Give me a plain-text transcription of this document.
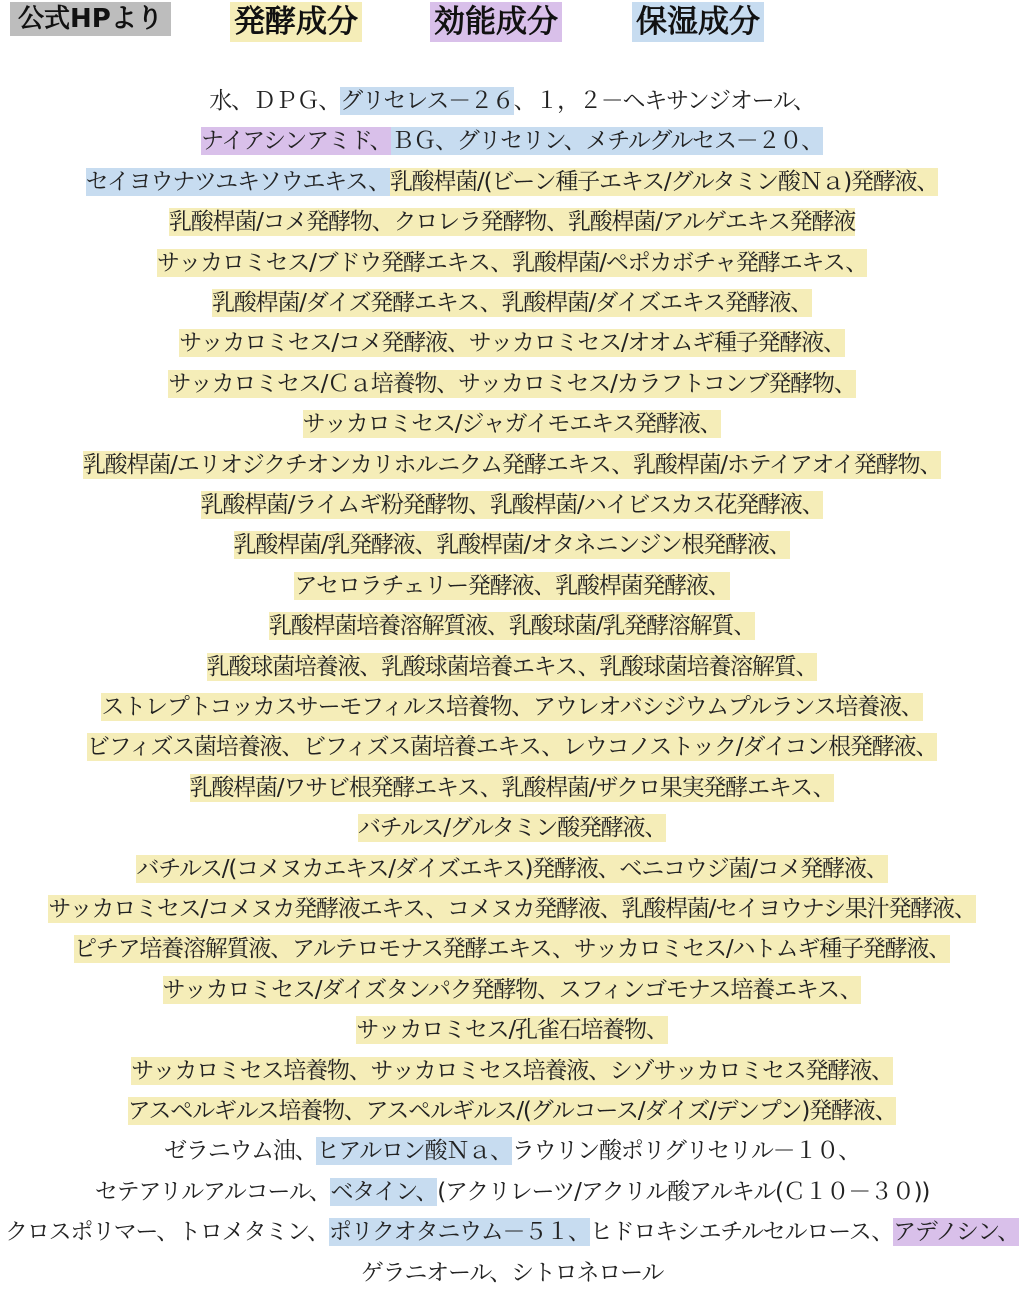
公式HPより 発酵成分 効能成分	保湿成分
水、ＤＰＧ、グリセレス－２６、１，２－ヘキサンジオール、
ナイアシンアミド、ＢＧ、グリセリン、メチルグルセス－２０、
セイヨウナツユキソウエキス、乳酸桿菌/(ビーン種子エキス/グルタミン酸Ｎａ)発酵液、
乳酸桿菌/コメ発酵物、クロレラ発酵物、乳酸桿菌/アルゲエキス発酵液
サッカロミセス/ブドウ発酵エキス、乳酸桿菌/ペポカボチャ発酵エキス、
乳酸桿菌/ダイズ発酵エキス、乳酸桿菌/ダイズエキス発酵液、
サッカロミセス/コメ発酵液、サッカロミセス/オオムギ種子発酵液、
サッカロミセス/Ｃａ培養物、サッカロミセス/カラフトコンブ発酵物、
サッカロミセス/ジャガイモエキス発酵液、
乳酸桿菌/エリオジクチオンカリホルニクム発酵エキス、乳酸桿菌/ホテイアオイ発酵物、
乳酸桿菌/ライムギ粉発酵物、乳酸桿菌/ハイビスカス花発酵液、
乳酸桿菌/乳発酵液、乳酸桿菌/オタネニンジン根発酵液、
アセロラチェリー発酵液、乳酸桿菌発酵液、
乳酸桿菌培養溶解質液、乳酸球菌/乳発酵溶解質、
乳酸球菌培養液、乳酸球菌培養エキス、乳酸球菌培養溶解質、
ストレプトコッカスサーモフィルス培養物、アウレオバシジウムプルランス培養液、
ビフィズス菌培養液、ビフィズス菌培養エキス、レウコノストック/ダイコン根発酵液、
乳酸桿菌/ワサビ根発酵エキス、乳酸桿菌/ザクロ果実発酵エキス、
バチルス/グルタミン酸発酵液、
バチルス/(コメヌカエキス/ダイズエキス)発酵液、ベニコウジ菌/コメ発酵液、
サッカロミセス/コメヌカ発酵液エキス、コメヌカ発酵液、乳酸桿菌/セイヨウナシ果汁発酵液、
ピチア培養溶解質液、アルテロモナス発酵エキス、サッカロミセス/ハトムギ種子発酵液、
サッカロミセス/ダイズタンパク発酵物、スフィンゴモナス培養エキス、
サッカロミセス/孔雀石培養物、
サッカロミセス培養物、サッカロミセス培養液、シゾサッカロミセス発酵液、
アスペルギルス培養物、アスペルギルス/(グルコース/ダイズ/デンプン)発酵液、
ゼラニウム油、ヒアルロン酸Ｎａ、ラウリン酸ポリグリセリル－１０、
セテアリルアルコール、ベタイン、(アクリレーツ/アクリル酸アルキル(Ｃ１０－３０))
クロスポリマー、トロメタミン、ポリクオタニウム－５１、ヒドロキシエチルセルロース、アデノシン、
ゲラニオール、シトロネロール
